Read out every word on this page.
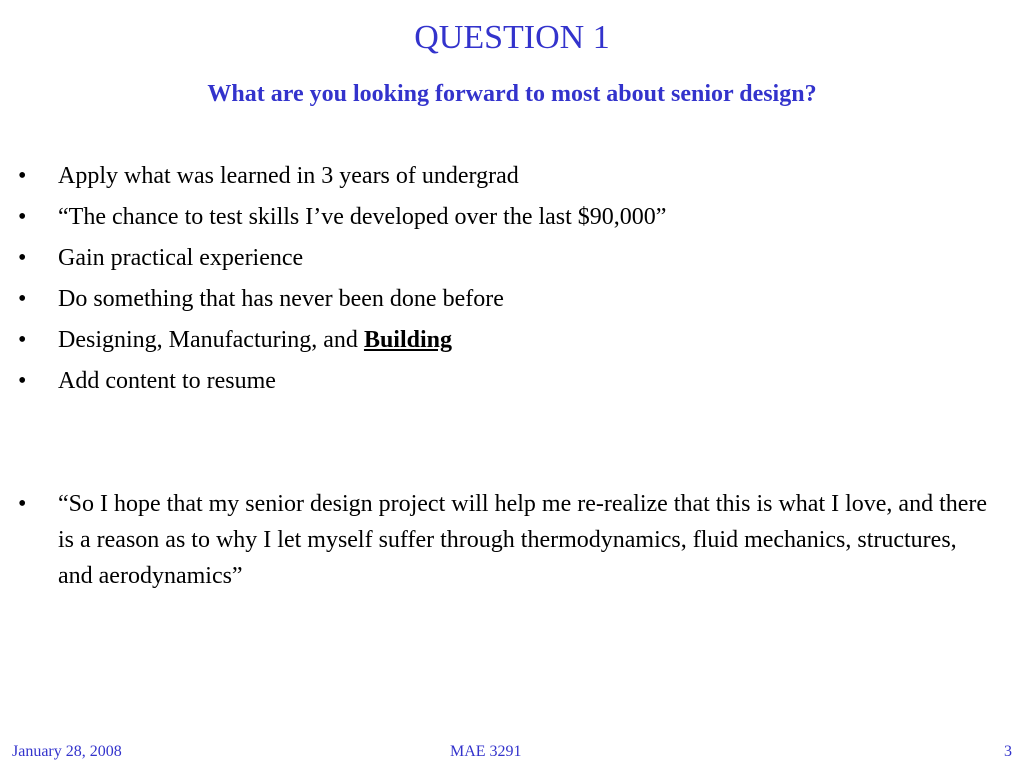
QUESTION 1
What are you looking forward to most about senior design?
• Apply what was learned in 3 years of undergrad
• “The chance to test skills I’ve developed over the last $90,000”
• Gain practical experience
• Do something that has never been done before
• Designing, Manufacturing, and Building
• Add content to resume
• “So I hope that my senior design project will help me re-realize that this is what I love, and there is a reason as to why I let myself suffer through thermodynamics, fluid mechanics, structures, and aerodynamics”
January 28, 2008	MAE 3291	3
